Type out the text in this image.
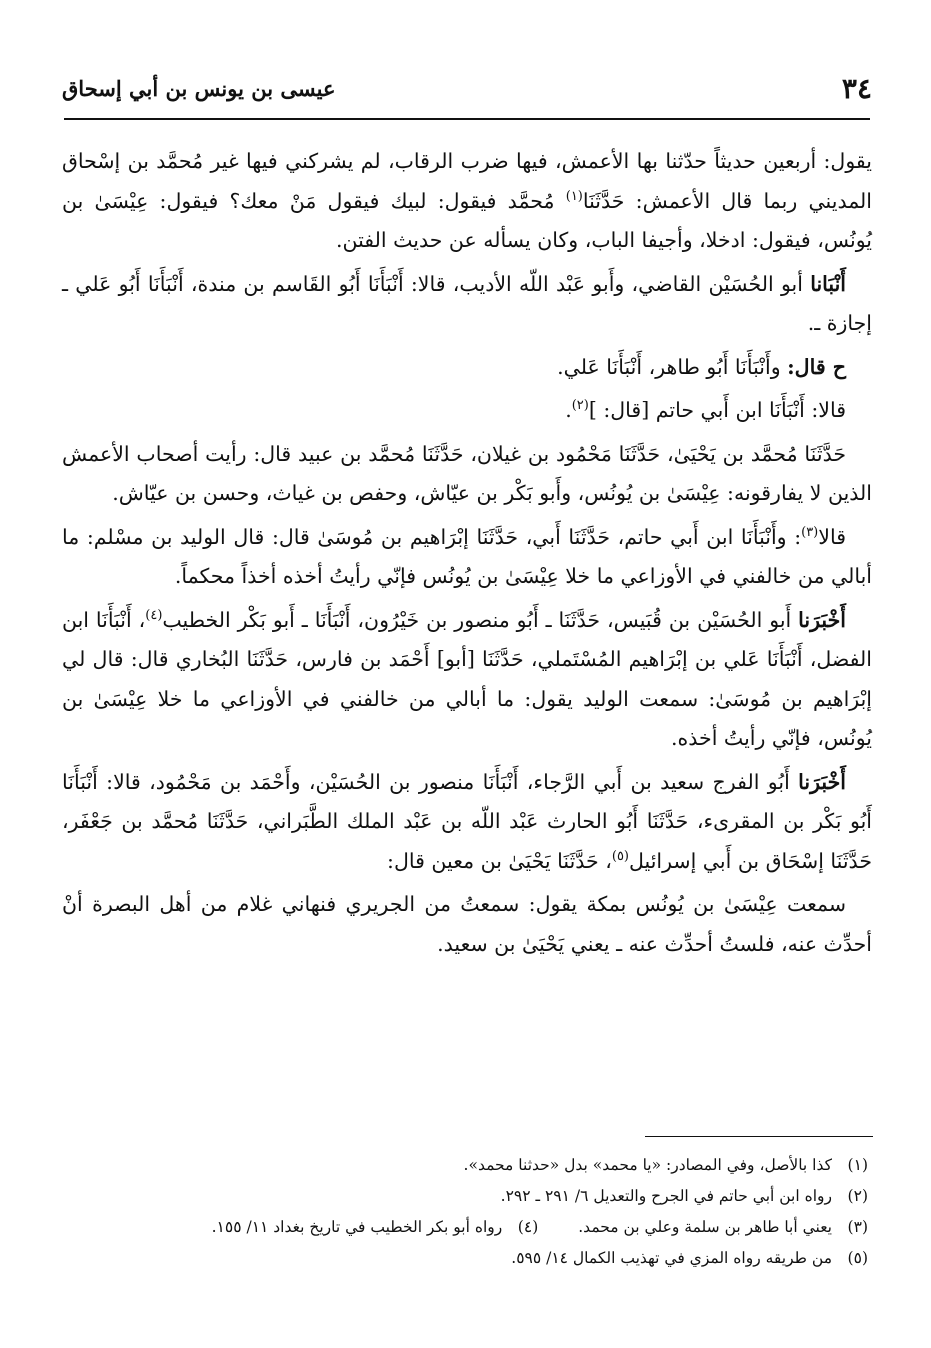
٣٤
عيسى بن يونس بن أبي إسحاق

يقول: أربعين حديثاً حدّثنا بها الأعمش، فيها ضرب الرقاب، لم يشركني فيها غير مُحمَّد بن إسْحاق المديني ربما قال الأعمش: حَدَّثَنَا$^{(١)}$ مُحمَّد فيقول: لبيك فيقول مَنْ معك؟ فيقول: عِيْسَىٰ بن يُونُس، فيقول: ادخلا، وأجيفا الباب، وكان يسأله عن حديث الفتن.

أَنْبَانا أبو الحُسَيْن القاضي، وأَبو عَبْد اللّه الأديب، قالا: أَنْبَأَنَا أَبُو القَاسم بن مندة، أَنْبَأَنَا أَبُو عَلي ـ إجازة ـ.

ح قال: وأَنْبَأَنَا أَبُو طاهر، أَنْبَأَنَا عَلي.

قالا: أَنْبَأَنَا ابن أَبي حاتم [قال: ]$^{(٢)}$.

حَدَّثَنَا مُحمَّد بن يَحْيَىٰ، حَدَّثَنَا مَحْمُود بن غيلان، حَدَّثَنَا مُحمَّد بن عبيد قال: رأيت أصحاب الأعمش الذين لا يفارقونه: عِيْسَىٰ بن يُونُس، وأَبو بَكْر بن عيّاش، وحفص بن غياث، وحسن بن عيّاش.

قالا$^{(٣)}$: وأَنْبَأَنَا ابن أَبي حاتم، حَدَّثَنَا أَبي، حَدَّثَنَا إبْرَاهيم بن مُوسَىٰ قال: قال الوليد بن مسْلم: ما أبالي من خالفني في الأوزاعي ما خلا عِيْسَىٰ بن يُونُس فإنّي رأيتُ أخذه أخذاً محكماً.

أَخْبَرَنا أَبو الحُسَيْن بن قُبَيس، حَدَّثَنَا ـ أَبُو منصور بن خَيْرُون، أَنْبَأَنَا ـ أَبو بَكْر الخطيب$^{(٤)}$، أَنْبَأَنَا ابن الفضل، أَنْبَأَنَا عَلي بن إبْرَاهيم المُسْتَملي، حَدَّثَنَا [أبو] أَحْمَد بن فارس، حَدَّثَنَا البُخاري قال: قال لي إبْرَاهيم بن مُوسَىٰ: سمعت الوليد يقول: ما أبالي من خالفني في الأوزاعي ما خلا عِيْسَىٰ بن يُونُس، فإنّي رأيتُ أخذه.

أَخْبَرَنا أَبُو الفرج سعيد بن أَبي الرَّجاء، أَنْبَأَنَا منصور بن الحُسَيْن، وأَحْمَد بن مَحْمُود، قالا: أَنْبَأَنَا أَبُو بَكْر بن المقرىء، حَدَّثَنَا أَبُو الحارث عَبْد اللّه بن عَبْد الملك الطَّبَراني، حَدَّثَنَا مُحمَّد بن جَعْفَر، حَدَّثَنَا إسْحَاق بن أَبي إسرائيل$^{(٥)}$، حَدَّثَنَا يَحْيَىٰ بن معين قال:

سمعت عِيْسَىٰ بن يُونُس بمكة يقول: سمعتُ من الجريري فنهاني غلام من أهل البصرة أنْ أحدِّث عنه، فلستُ أحدِّث عنه ـ يعني يَحْيَىٰ بن سعيد.

(١)كذا بالأصل، وفي المصادر: «يا محمد» بدل «حدثنا محمد».
(٢)رواه ابن أبي حاتم في الجرح والتعديل ٦/ ٢٩١ ـ ٢٩٢.
(٣)يعني أبا طاهر بن سلمة وعلي بن محمد.
(٤)رواه أبو بكر الخطيب في تاريخ بغداد ١١/ ١٥٥.
(٥)من طريقه رواه المزي في تهذيب الكمال ١٤/ ٥٩٥.
